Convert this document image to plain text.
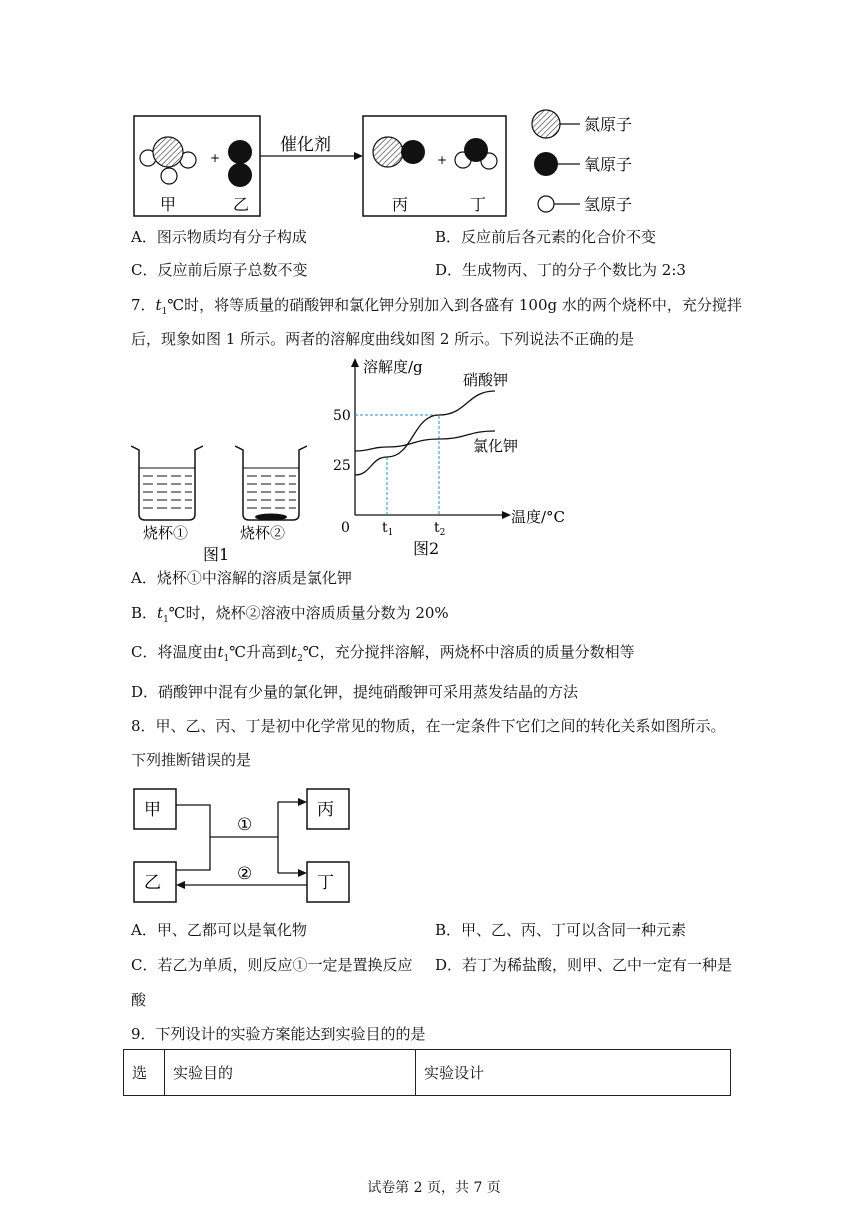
+
甲	乙
催化剂
+
丙	丁
氮原子
氧原子
氢原子
A．图示物质均有分子构成	B．反应前后各元素的化合价不变
C．反应前后原子总数不变	D．生成物丙、丁的分子个数比为 2:3
7．$t_1℃$时，将等质量的硝酸钾和氯化钾分别加入到各盛有 100g 水的两个烧杯中，充分搅拌
后，现象如图 1 所示。两者的溶解度曲线如图 2 所示。下列说法不正确的是
烧杯①	烧杯②
图1
溶解度/g
温度/°C
0 $t_1$	$t_2$
25
50
硝酸钾
氯化钾
图2
A．烧杯①中溶解的溶质是氯化钾
B．$t_1℃$时，烧杯②溶液中溶质质量分数为 20%
C．将温度由$t_1℃$升高到$t_2℃$，充分搅拌溶解，两烧杯中溶质的质量分数相等
D．硝酸钾中混有少量的氯化钾，提纯硝酸钾可采用蒸发结晶的方法
8．甲、乙、丙、丁是初中化学常见的物质，在一定条件下它们之间的转化关系如图所示。
下列推断错误的是
甲
乙
丙
丁
①
②
A．甲、乙都可以是氧化物	B．甲、乙、丙、丁可以含同一种元素
C．若乙为单质，则反应①一定是置换反应 D．若丁为稀盐酸，则甲、乙中一定有一种是
酸
9．下列设计的实验方案能达到实验目的的是
选	实验目的	实验设计
试卷第 2 页，共 7 页
